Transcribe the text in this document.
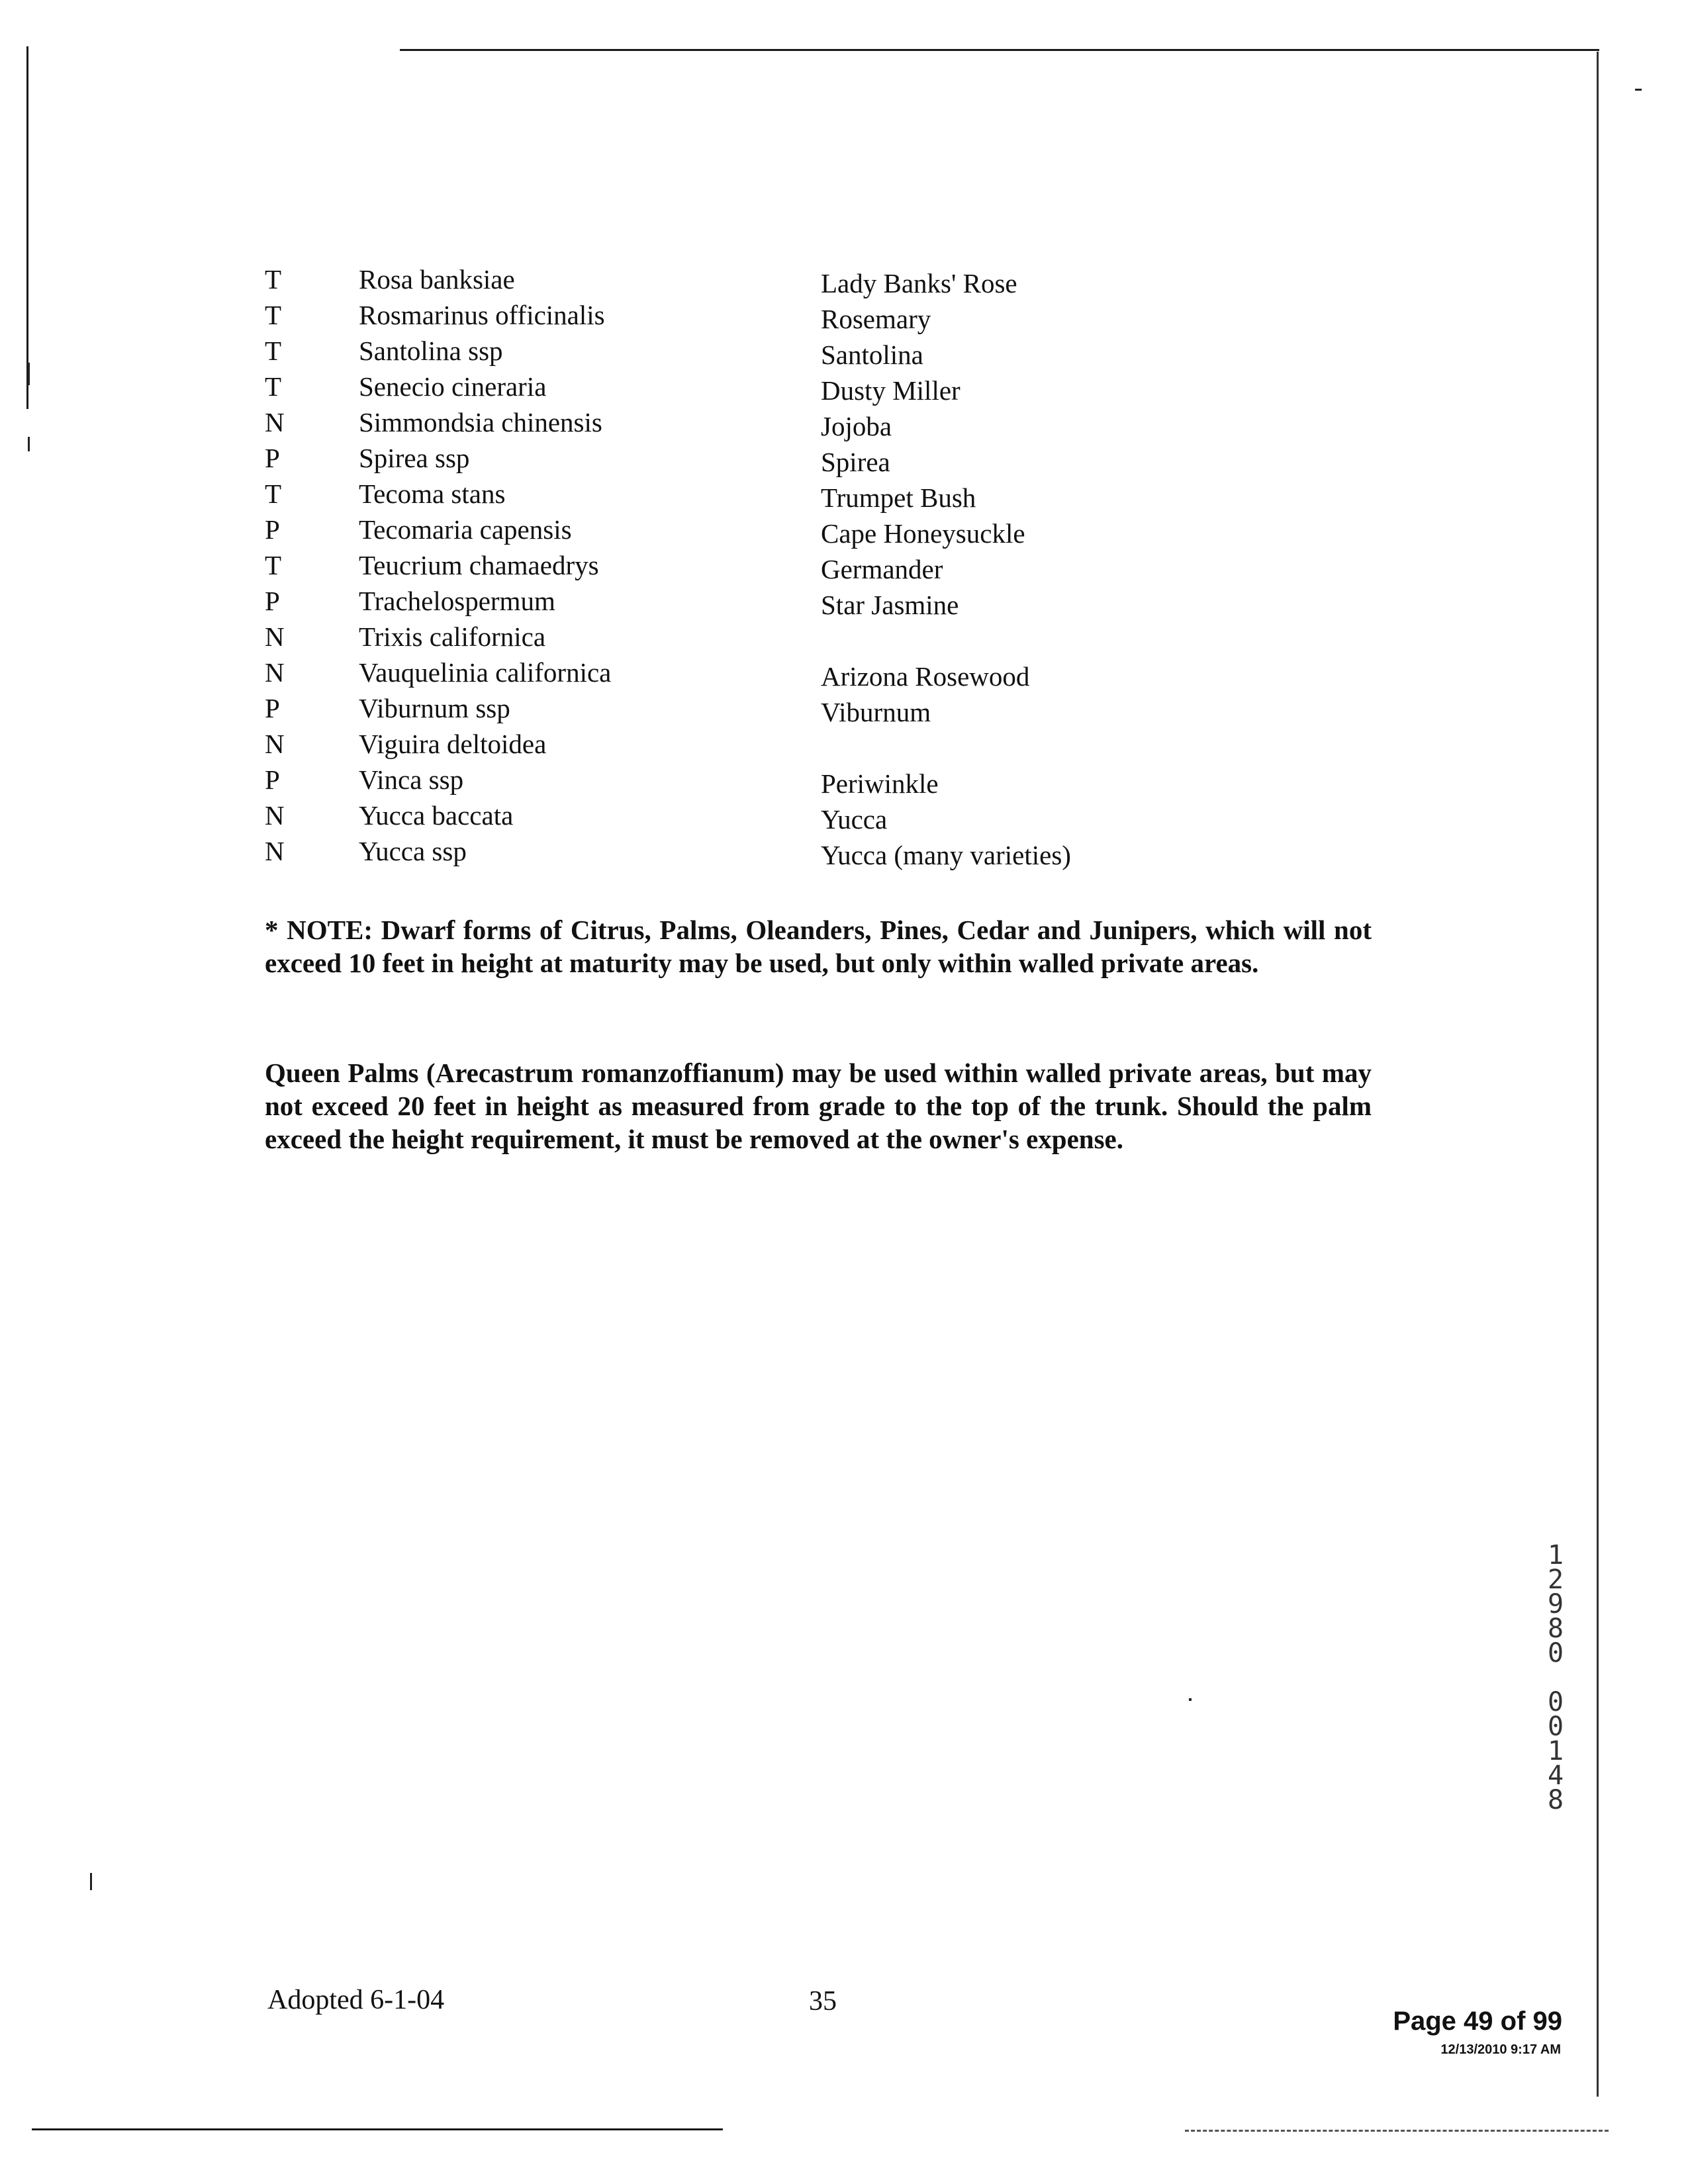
T	Rosa banksiae	Lady Banks' Rose
T	Rosmarinus officinalis	Rosemary
T	Santolina ssp	Santolina
T	Senecio cineraria	Dusty Miller
N	Simmondsia chinensis	Jojoba
P	Spirea ssp	Spirea
T	Tecoma stans	Trumpet Bush
P	Tecomaria capensis	Cape Honeysuckle
T	Teucrium chamaedrys	Germander
P	Trachelospermum	Star Jasmine
N	Trixis californica
N	Vauquelinia californica	Arizona Rosewood
P	Viburnum ssp	Viburnum
N	Viguira deltoidea
P	Vinca ssp	Periwinkle
N	Yucca baccata	Yucca
N	Yucca ssp	Yucca (many varieties)
* NOTE: Dwarf forms of Citrus, Palms, Oleanders, Pines, Cedar and Junipers, which will not exceed 10 feet in height at maturity may be used, but only within walled private areas.
Queen Palms (Arecastrum romanzoffianum) may be used within walled private areas, but may not exceed 20 feet in height as measured from grade to the top of the trunk. Should the palm exceed the height requirement, it must be removed at the owner's expense.
Adopted 6-1-04	35
Page 49 of 99
12/13/2010 9:17 AM
1
2
9
8
0

0
0
1
4
8
